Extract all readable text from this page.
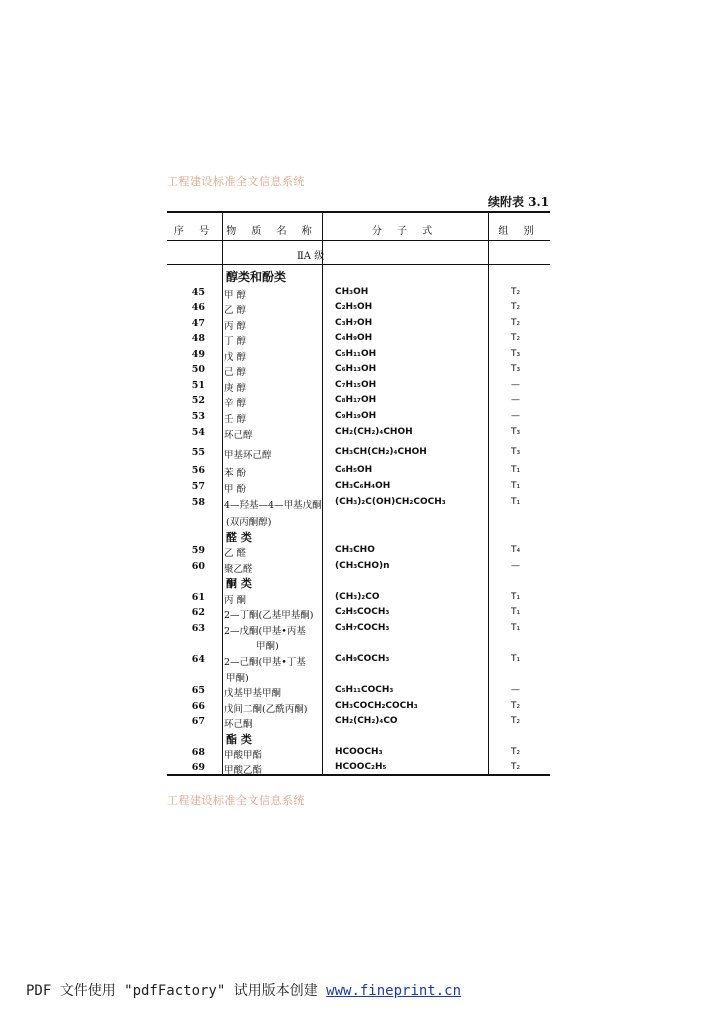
工程建设标准全文信息系统
续附表 3.1
序 号	物 质 名 称	分 子 式	组 别
ⅡA 级
醇类和酚类
醛 类
酮 类
酯 类
45 甲 醇	CH₃OH	T₂
46 乙 醇	C₂H₅OH	T₂
47 丙 醇	C₃H₇OH	T₂
48 丁 醇	C₄H₉OH	T₂
49 戊 醇	C₅H₁₁OH	T₃
50 己 醇	C₆H₁₃OH	T₃
51 庚 醇	C₇H₁₅OH	—
52 辛 醇	C₈H₁₇OH	—
53 壬 醇	C₉H₁₉OH	—
54 环己醇	CH₂(CH₂)₄CHOH	T₃
55 甲基环己醇	CH₃CH(CH₂)₄CHOH	T₃
56 苯 酚	C₆H₅OH	T₁
57 甲 酚	CH₃C₆H₄OH	T₁
58 4—羟基—4—甲基戊酮 (CH₃)₂C(OH)CH₂COCH₃	T₁
(双丙酮醇)
59 乙 醛	CH₃CHO	T₄
60 聚乙醛	(CH₃CHO)n	—
61 丙 酮	(CH₃)₂CO	T₁
62 2—丁酮(乙基甲基酮)	C₂H₅COCH₃	T₁
63 2—戊酮(甲基•丙基	C₃H₇COCH₃	T₁
甲酮)
64 2—己酮(甲基•丁基	C₄H₉COCH₃	T₁
甲酮)
65 戊基甲基甲酮	C₅H₁₁COCH₃	—
66 戊间二酮(乙酰丙酮)	CH₃COCH₂COCH₃	T₂
67 环己酮	CH₂(CH₂)₄CO	T₂
68 甲酸甲酯	HCOOCH₃	T₂
69 甲酸乙酯	HCOOC₂H₅	T₂
工程建设标准全文信息系统
PDF 文件使用 "pdfFactory" 试用版本创建 www.fineprint.cn
